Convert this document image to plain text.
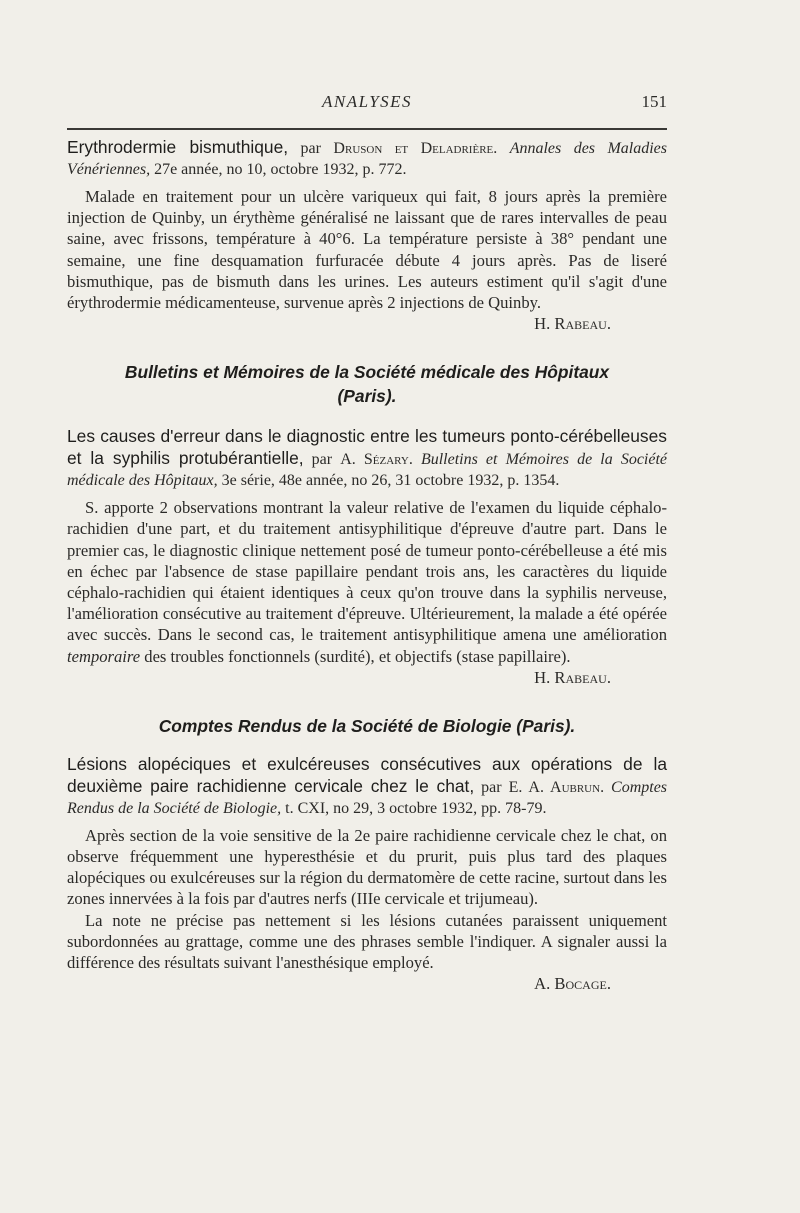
ANALYSES	151

Erythrodermie bismuthique, par Druson et Deladrière. Annales des Maladies Vénériennes, 27e année, no 10, octobre 1932, p. 772.

Malade en traitement pour un ulcère variqueux qui fait, 8 jours après la première injection de Quinby, un érythème généralisé ne laissant que de rares intervalles de peau saine, avec frissons, température à 40°6. La température persiste à 38° pendant une semaine, une fine desquamation furfuracée débute 4 jours après. Pas de liseré bismuthique, pas de bismuth dans les urines. Les auteurs estiment qu'il s'agit d'une érythrodermie médicamenteuse, survenue après 2 injections de Quinby.

H. Rabeau.

Bulletins et Mémoires de la Société médicale des Hôpitaux

(Paris).

Les causes d'erreur dans le diagnostic entre les tumeurs ponto-cérébelleuses et la syphilis protubérantielle, par A. Sézary. Bulletins et Mémoires de la Société médicale des Hôpitaux, 3e série, 48e année, no 26, 31 octobre 1932, p. 1354.

S. apporte 2 observations montrant la valeur relative de l'examen du liquide céphalo-rachidien d'une part, et du traitement antisyphilitique d'épreuve d'autre part. Dans le premier cas, le diagnostic clinique nettement posé de tumeur ponto-cérébelleuse a été mis en échec par l'absence de stase papillaire pendant trois ans, les caractères du liquide céphalo-rachidien qui étaient identiques à ceux qu'on trouve dans la syphilis nerveuse, l'amélioration consécutive au traitement d'épreuve. Ultérieurement, la malade a été opérée avec succès. Dans le second cas, le traitement antisyphilitique amena une amélioration temporaire des troubles fonctionnels (surdité), et objectifs (stase papillaire).

H. Rabeau.

Comptes Rendus de la Société de Biologie (Paris).

Lésions alopéciques et exulcéreuses consécutives aux opérations de la deuxième paire rachidienne cervicale chez le chat, par E. A. Aubrun. Comptes Rendus de la Société de Biologie, t. CXI, no 29, 3 octobre 1932, pp. 78-79.

Après section de la voie sensitive de la 2e paire rachidienne cervicale chez le chat, on observe fréquemment une hyperesthésie et du prurit, puis plus tard des plaques alopéciques ou exulcéreuses sur la région du dermatomère de cette racine, surtout dans les zones innervées à la fois par d'autres nerfs (IIIe cervicale et trijumeau).

La note ne précise pas nettement si les lésions cutanées paraissent uniquement subordonnées au grattage, comme une des phrases semble l'indiquer. A signaler aussi la différence des résultats suivant l'anesthésique employé.

A. Bocage.
